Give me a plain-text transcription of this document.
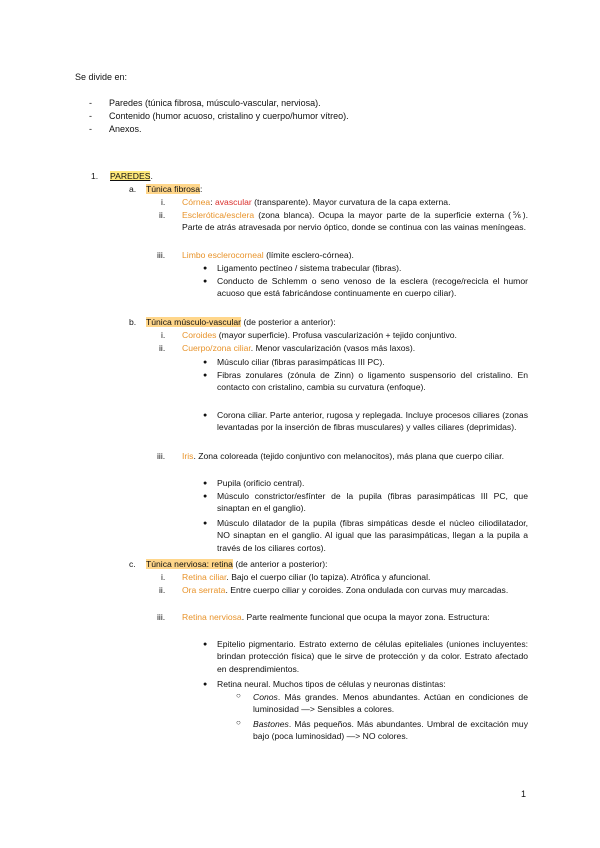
Se divide en:
- Paredes (túnica fibrosa, músculo-vascular, nerviosa).
- Contenido (humor acuoso, cristalino y cuerpo/humor vítreo).
- Anexos.
1. PAREDES.
a. Túnica fibrosa:
i. Córnea: avascular (transparente). Mayor curvatura de la capa externa.
ii. Esclerótica/esclera (zona blanca). Ocupa la mayor parte de la superficie externa (⅚). Parte de atrás atravesada por nervio óptico, donde se continua con las vainas meníngeas.
iii. Limbo esclerocorneal (límite esclero-córnea).
● Ligamento pectíneo / sistema trabecular (fibras).
● Conducto de Schlemm o seno venoso de la esclera (recoge/recicla el humor acuoso que está fabricándose continuamente en cuerpo ciliar).
b. Túnica músculo-vascular (de posterior a anterior):
i. Coroides (mayor superficie). Profusa vascularización + tejido conjuntivo.
ii. Cuerpo/zona ciliar. Menor vascularización (vasos más laxos).
● Músculo ciliar (fibras parasimpáticas III PC).
● Fibras zonulares (zónula de Zinn) o ligamento suspensorio del cristalino. En contacto con cristalino, cambia su curvatura (enfoque).
● Corona ciliar. Parte anterior, rugosa y replegada. Incluye procesos ciliares (zonas levantadas por la inserción de fibras musculares) y valles ciliares (deprimidas).
iii. Iris. Zona coloreada (tejido conjuntivo con melanocitos), más plana que cuerpo ciliar.
● Pupila (orificio central).
● Músculo constrictor/esfínter de la pupila (fibras parasimpáticas III PC, que sinaptan en el ganglio).
● Músculo dilatador de la pupila (fibras simpáticas desde el núcleo ciliodilatador, NO sinaptan en el ganglio. Al igual que las parasimpáticas, llegan a la pupila a través de los ciliares cortos).
c. Túnica nerviosa: retina (de anterior a posterior):
i. Retina ciliar. Bajo el cuerpo ciliar (lo tapiza). Atrófica y afuncional.
ii. Ora serrata. Entre cuerpo ciliar y coroides. Zona ondulada con curvas muy marcadas.
iii. Retina nerviosa. Parte realmente funcional que ocupa la mayor zona. Estructura:
● Epitelio pigmentario. Estrato externo de células epiteliales (uniones incluyentes: brindan protección física) que le sirve de protección y da color. Estrato afectado en desprendimientos.
● Retina neural. Muchos tipos de células y neuronas distintas:
○ Conos. Más grandes. Menos abundantes. Actúan en condiciones de luminosidad —> Sensibles a colores.
○ Bastones. Más pequeños. Más abundantes. Umbral de excitación muy bajo (poca luminosidad) —> NO colores.
1
